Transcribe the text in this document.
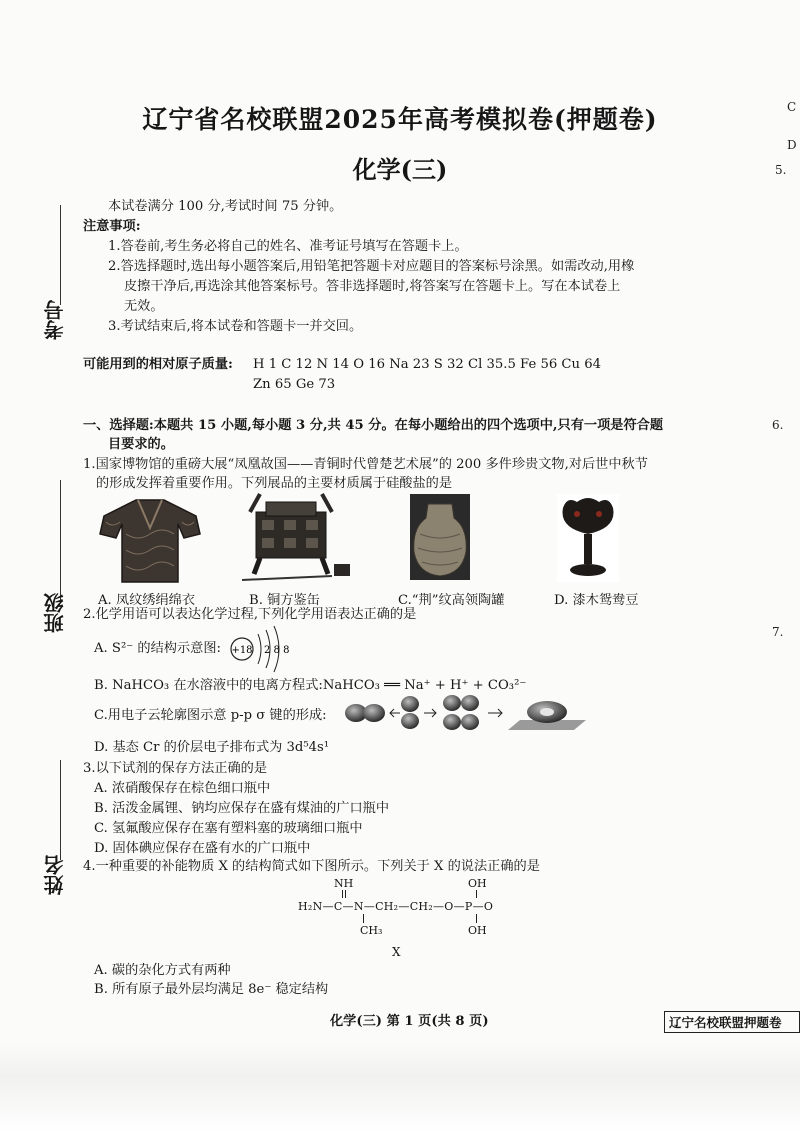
辽宁省名校联盟2025年高考模拟卷(押题卷)
化学(三)
考号
班级
姓名
本试卷满分 100 分,考试时间 75 分钟。
注意事项:
1.答卷前,考生务必将自己的姓名、准考证号填写在答题卡上。
2.答选择题时,选出每小题答案后,用铅笔把答题卡对应题目的答案标号涂黑。如需改动,用橡
皮擦干净后,再选涂其他答案标号。答非选择题时,将答案写在答题卡上。写在本试卷上
无效。
3.考试结束后,将本试卷和答题卡一并交回。
可能用到的相对原子质量: H 1 C 12 N 14 O 16 Na 23 S 32 Cl 35.5 Fe 56 Cu 64
Zn 65 Ge 73
一、选择题:本题共 15 小题,每小题 3 分,共 45 分。在每小题给出的四个选项中,只有一项是符合题
目要求的。
1.国家博物馆的重磅大展“凤凰故国——青铜时代曾楚艺术展”的 200 多件珍贵文物,对后世中秋节
的形成发挥着重要作用。下列展品的主要材质属于硅酸盐的是
A. 凤纹绣绢绵衣	B. 铜方鉴缶	C.“荆”纹高领陶罐	D. 漆木鸳鸯豆
2.化学用语可以表达化学过程,下列化学用语表达正确的是
A. S²⁻ 的结构示意图: +18 2 8 8
B. NaHCO₃ 在水溶液中的电离方程式:NaHCO₃ ══ Na⁺ + H⁺ + CO₃²⁻
C.用电子云轮廓图示意 p-p σ 键的形成:
D. 基态 Cr 的价层电子排布式为 3d⁵4s¹
3.以下试剂的保存方法正确的是
A. 浓硝酸保存在棕色细口瓶中
B. 活泼金属锂、钠均应保存在盛有煤油的广口瓶中
C. 氢氟酸应保存在塞有塑料塞的玻璃细口瓶中
D. 固体碘应保存在盛有水的广口瓶中
4.一种重要的补能物质 X 的结构简式如下图所示。下列关于 X 的说法正确的是
NH	OH
H₂N—C—N—CH₂—CH₂—O—P—O
CH₃	OH
X
A. 碳的杂化方式有两种
B. 所有原子最外层均满足 8e⁻ 稳定结构
化学(三) 第 1 页(共 8 页)	辽宁名校联盟押题卷
C
D
5.
6.
7.
